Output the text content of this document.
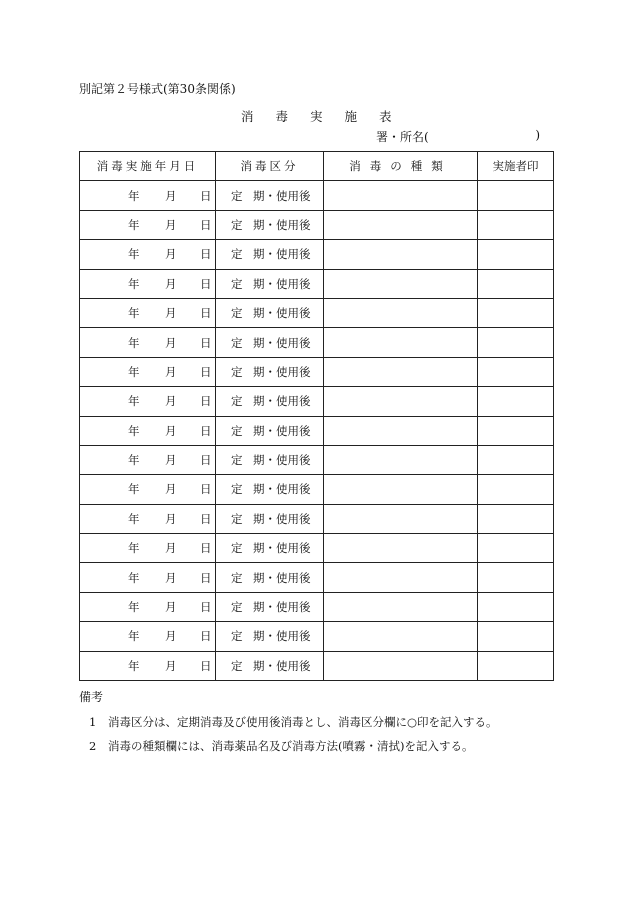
別記第２号様式(第30条関係)
消毒実施表
署・所名(	)
消毒実施年月日	消毒区分	消毒の種類	実施者印

年 月 日	定 期・使用後		

年 月 日	定 期・使用後		

年 月 日	定 期・使用後		

年 月 日	定 期・使用後		

年 月 日	定 期・使用後		

年 月 日	定 期・使用後		

年 月 日	定 期・使用後		

年 月 日	定 期・使用後		

年 月 日	定 期・使用後		

年 月 日	定 期・使用後		

年 月 日	定 期・使用後		

年 月 日	定 期・使用後		

年 月 日	定 期・使用後		

年 月 日	定 期・使用後		

年 月 日	定 期・使用後		

年 月 日	定 期・使用後		

年 月 日	定 期・使用後		
備考
1 消毒区分は、定期消毒及び使用後消毒とし、消毒区分欄に○印を記入する。
2 消毒の種類欄には、消毒薬品名及び消毒方法(噴霧・清拭)を記入する。
